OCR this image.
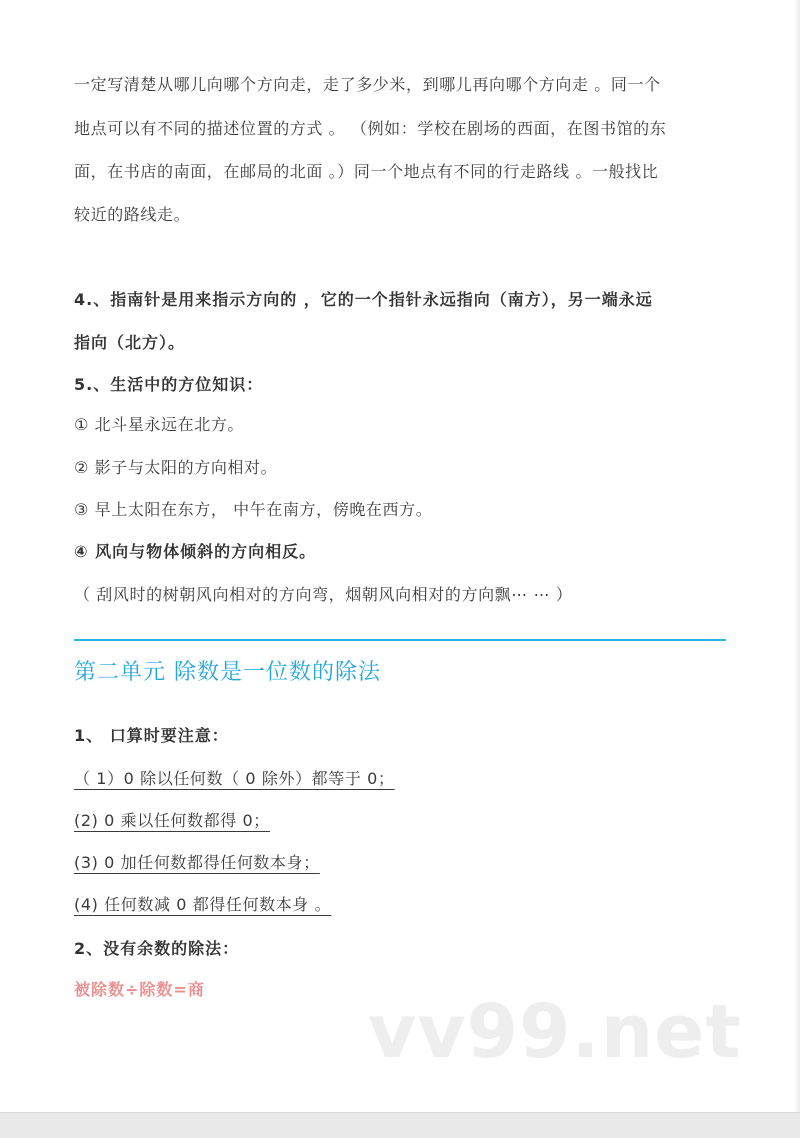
一定写清楚从哪儿向哪个方向走，走了多少米，到哪儿再向哪个方向走 。同一个
地点可以有不同的描述位置的方式 。 （例如：学校在剧场的西面，在图书馆的东
面，在书店的南面，在邮局的北面 。）同一个地点有不同的行走路线 。一般找比
较近的路线走。
4.、指南针是用来指示方向的 ，它的一个指针永远指向（南方），另一端永远
指向（北方）。
5.、生活中的方位知识：
① 北斗星永远在北方。
② 影子与太阳的方向相对。
③ 早上太阳在东方， 中午在南方，傍晚在西方。
④ 风向与物体倾斜的方向相反。
（ 刮风时的树朝风向相对的方向弯，烟朝风向相对的方向飘⋯ ⋯ ）
第二单元 除数是一位数的除法
1、 口算时要注意：
（ 1）0 除以任何数（ 0 除外）都等于 0；
(2) 0 乘以任何数都得 0；
(3) 0 加任何数都得任何数本身；
(4) 任何数减 0 都得任何数本身 。
2、没有余数的除法：
被除数÷除数=商 vv99.net
